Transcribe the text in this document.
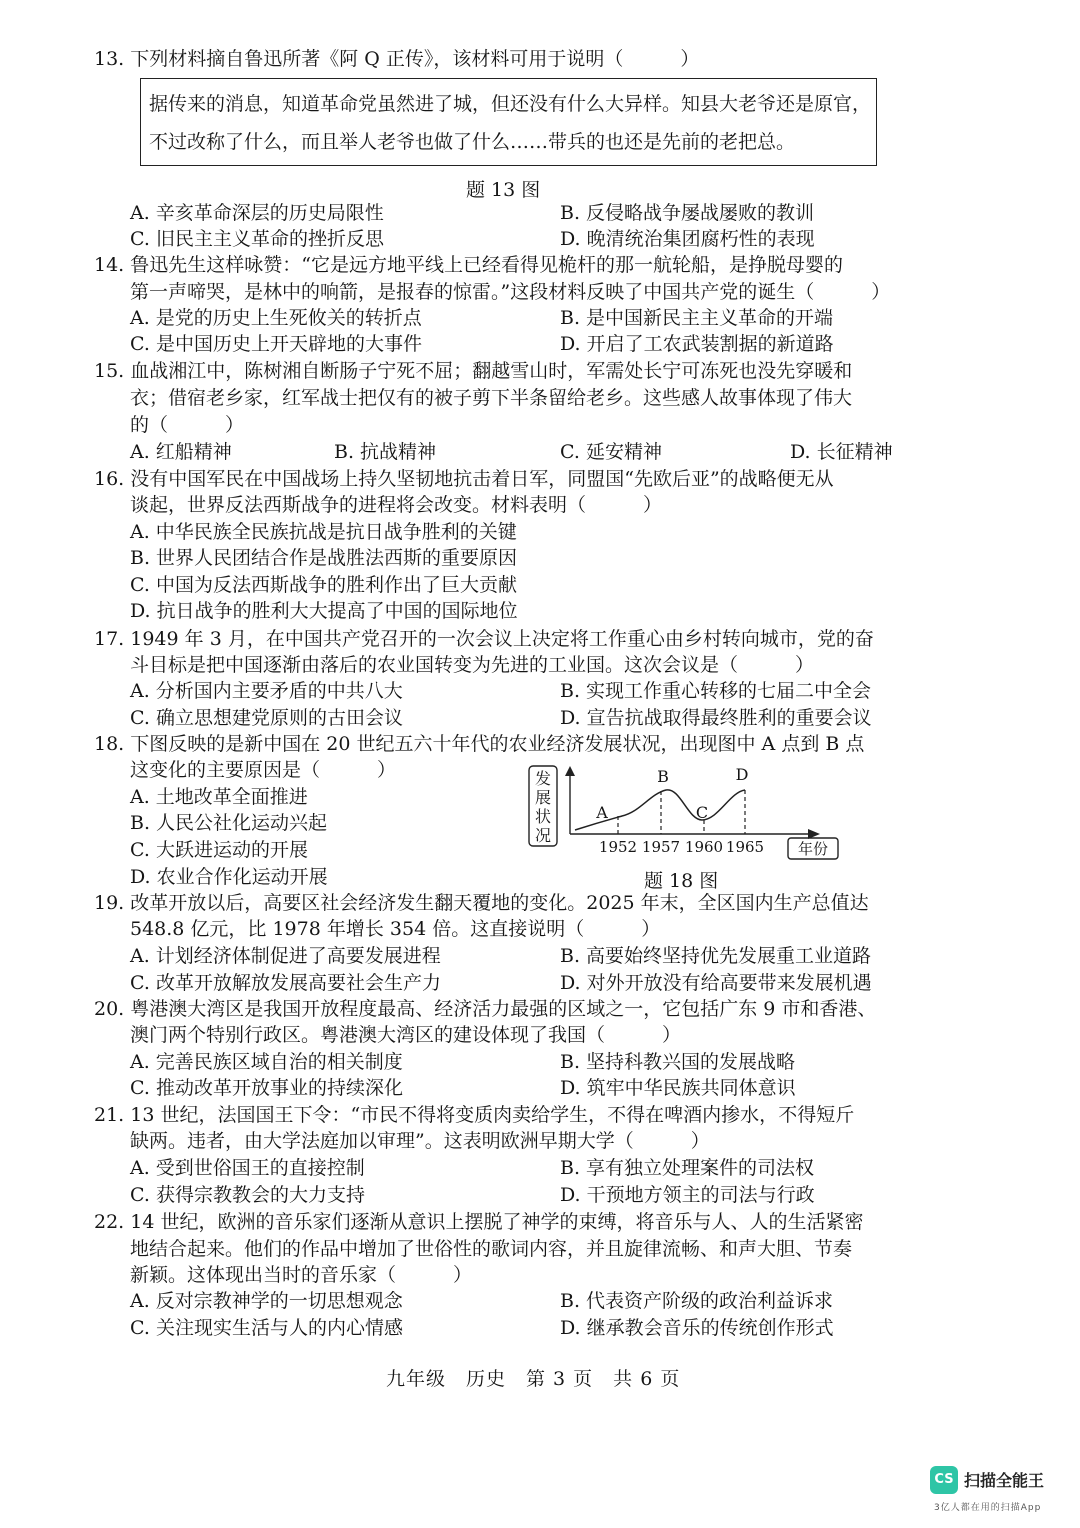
13. 下列材料摘自鲁迅所著《阿 Q 正传》，该材料可用于说明（　　　）
据传来的消息，知道革命党虽然进了城，但还没有什么大异样。知县大老爷还是原官，
不过改称了什么，而且举人老爷也做了什么……带兵的也还是先前的老把总。
题 13 图
A. 辛亥革命深层的历史局限性	B. 反侵略战争屡战屡败的教训
C. 旧民主主义革命的挫折反思	D. 晚清统治集团腐朽性的表现
14. 鲁迅先生这样咏赞：“它是远方地平线上已经看得见桅杆的那一航轮船，是挣脱母婴的
第一声啼哭，是林中的响箭，是报春的惊雷。”这段材料反映了中国共产党的诞生（　　　）
A. 是党的历史上生死攸关的转折点	B. 是中国新民主主义革命的开端
C. 是中国历史上开天辟地的大事件	D. 开启了工农武装割据的新道路
15. 血战湘江中，陈树湘自断肠子宁死不屈；翻越雪山时，军需处长宁可冻死也没先穿暖和
衣；借宿老乡家，红军战士把仅有的被子剪下半条留给老乡。这些感人故事体现了伟大
的（　　　）
A. 红船精神	B. 抗战精神	C. 延安精神	D. 长征精神
16. 没有中国军民在中国战场上持久坚韧地抗击着日军，同盟国“先欧后亚”的战略便无从
谈起，世界反法西斯战争的进程将会改变。材料表明（　　　）
A. 中华民族全民族抗战是抗日战争胜利的关键
B. 世界人民团结合作是战胜法西斯的重要原因
C. 中国为反法西斯战争的胜利作出了巨大贡献
D. 抗日战争的胜利大大提高了中国的国际地位
17. 1949 年 3 月，在中国共产党召开的一次会议上决定将工作重心由乡村转向城市，党的奋
斗目标是把中国逐渐由落后的农业国转变为先进的工业国。这次会议是（　　　）
A. 分析国内主要矛盾的中共八大	B. 实现工作重心转移的七届二中全会
C. 确立思想建党原则的古田会议	D. 宣告抗战取得最终胜利的重要会议
18. 下图反映的是新中国在 20 世纪五六十年代的农业经济发展状况，出现图中 A 点到 B 点
这变化的主要原因是（　　　）
A. 土地改革全面推进
B. 人民公社化运动兴起
C. 大跃进运动的开展
D. 农业合作化运动开展
发
展
状
况
1952 1957 1960 1965
A
B
C
D
年份
题 18 图
19. 改革开放以后，高要区社会经济发生翻天覆地的变化。2025 年末，全区国内生产总值达
548.8 亿元，比 1978 年增长 354 倍。这直接说明（　　　）
A. 计划经济体制促进了高要发展进程	B. 高要始终坚持优先发展重工业道路
C. 改革开放解放发展高要社会生产力	D. 对外开放没有给高要带来发展机遇
20. 粤港澳大湾区是我国开放程度最高、经济活力最强的区域之一，它包括广东 9 市和香港、
澳门两个特别行政区。粤港澳大湾区的建设体现了我国（　　　）
A. 完善民族区域自治的相关制度	B. 坚持科教兴国的发展战略
C. 推动改革开放事业的持续深化	D. 筑牢中华民族共同体意识
21. 13 世纪，法国国王下令：“市民不得将变质肉卖给学生，不得在啤酒内掺水，不得短斤
缺两。违者，由大学法庭加以审理”。这表明欧洲早期大学（　　　）
A. 受到世俗国王的直接控制	B. 享有独立处理案件的司法权
C. 获得宗教教会的大力支持	D. 干预地方领主的司法与行政
22. 14 世纪，欧洲的音乐家们逐渐从意识上摆脱了神学的束缚，将音乐与人、人的生活紧密
地结合起来。他们的作品中增加了世俗性的歌词内容，并且旋律流畅、和声大胆、节奏
新颖。这体现出当时的音乐家（　　　）
A. 反对宗教神学的一切思想观念	B. 代表资产阶级的政治利益诉求
C. 关注现实生活与人的内心情感	D. 继承教会音乐的传统创作形式
九年级　历史　第 3 页　共 6 页
CS 扫描全能王
3亿人都在用的扫描App
